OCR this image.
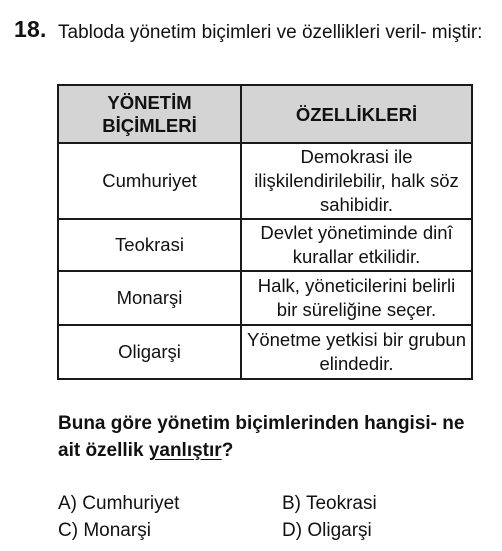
18. Tabloda yönetim biçimleri ve özellikleri veril- miştir:
YÖNETİM BİÇİMLERİ	ÖZELLİKLERİ
Cumhuriyet	Demokrasi ile ilişkilendirilebilir, halk söz sahibidir.
Teokrasi	Devlet yönetiminde dinî kurallar etkilidir.
Monarşi	Halk, yöneticilerini belirli bir süreliğine seçer.
Oligarşi	Yönetme yetkisi bir grubun elindedir.
Buna göre yönetim biçimlerinden hangisi- ne ait özellik yanlıştır?
A) Cumhuriyet	B) Teokrasi
C) Monarşi	D) Oligarşi
